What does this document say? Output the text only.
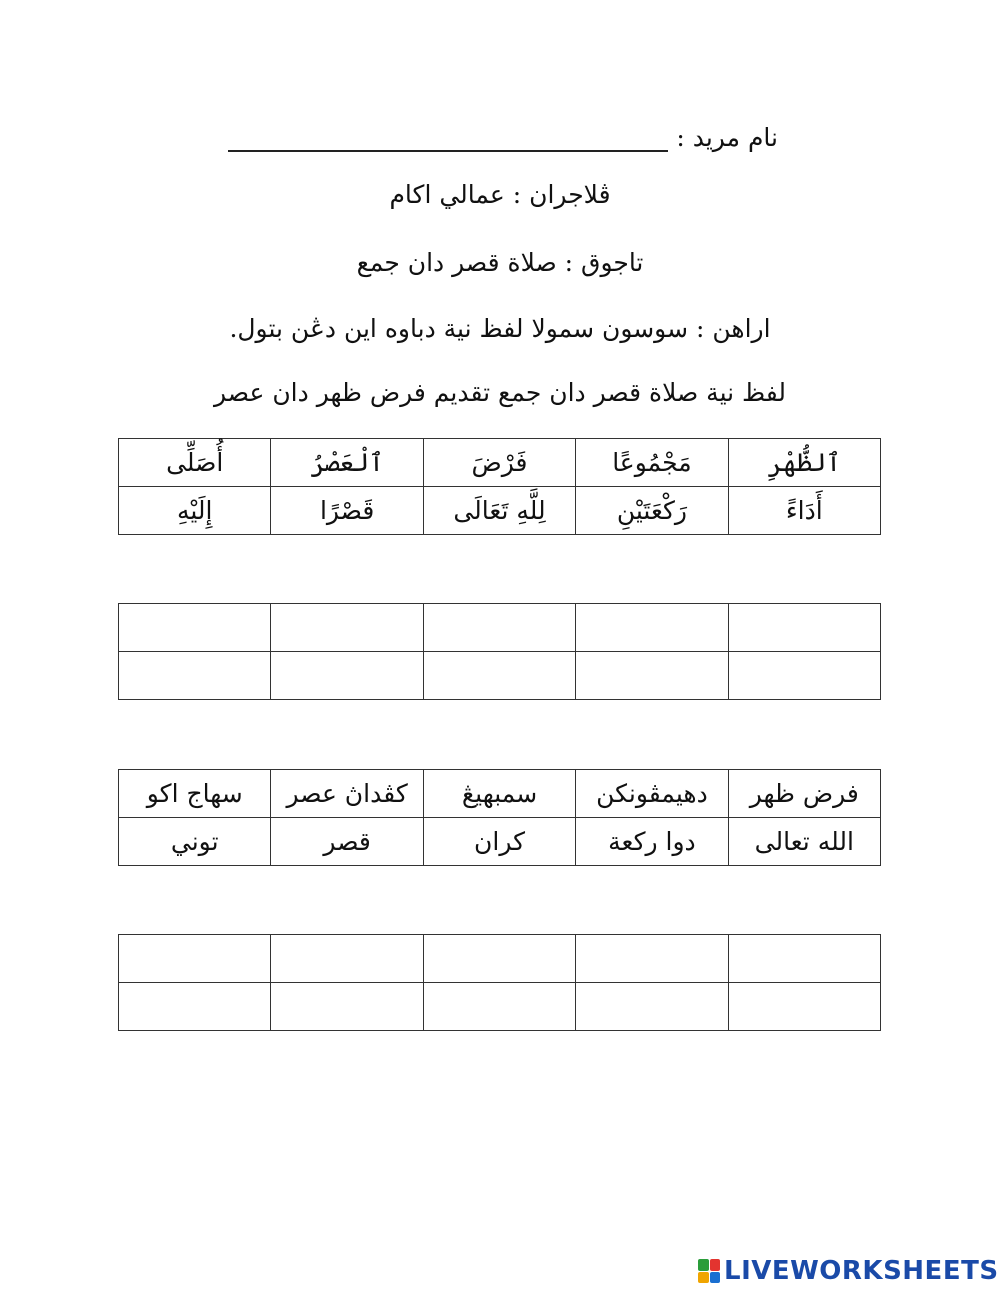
نام مريد :
ڤلاجران : عمالي اكام
تاجوق : صلاة قصر دان جمع
اراهن : سوسون سمولا لفظ نية دباوه اين دڠن بتول.
لفظ نية صلاة قصر دان جمع تقديم فرض ظهر دان عصر
ٱلظُّهْرِ	مَجْمُوعًا	فَرْضَ	ٱلْعَصْرُ	أُصَلِّى
أَدَاءً	رَكْعَتَيْنِ	لِلَّهِ تَعَالَى	قَصْرًا	إِلَيْهِ

فرض ظهر	دهيمڤونكن	سمبهيڠ	كڤداڽ عصر	سهاج اكو
الله تعالى	دوا ركعة	كران	قصر	توني

LIVEWORKSHEETS
